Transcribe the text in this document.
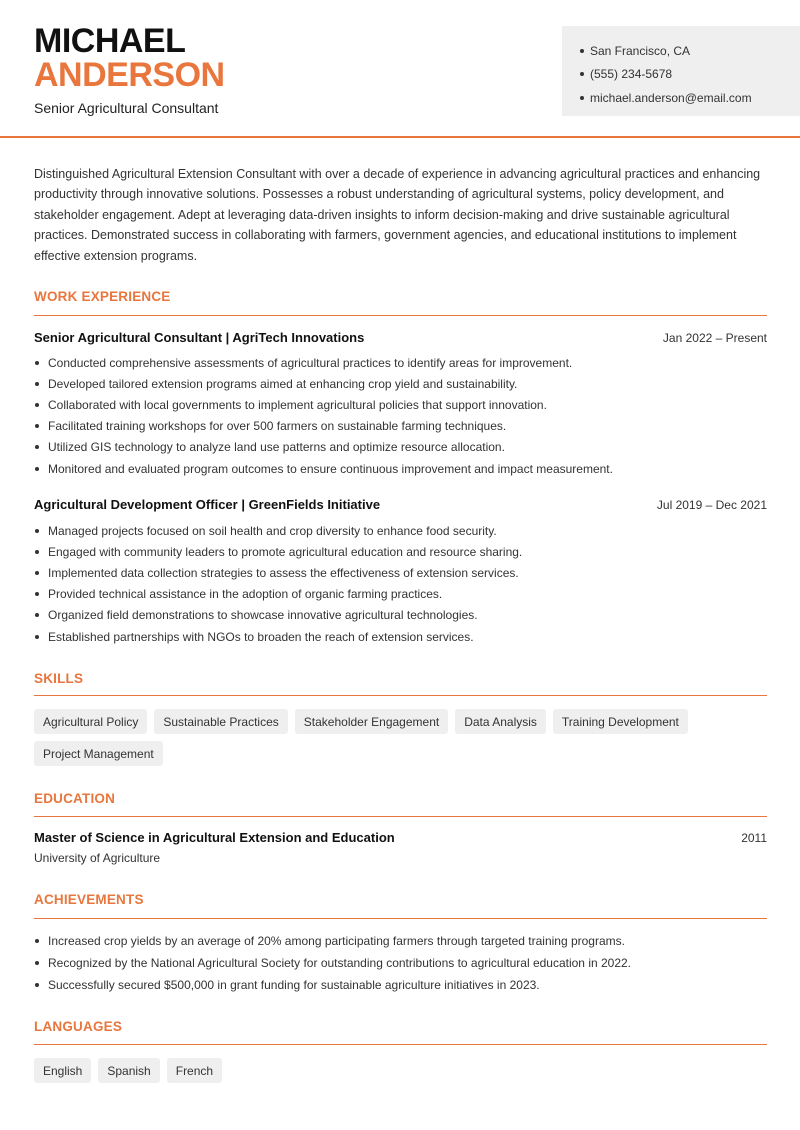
MICHAEL
ANDERSON
Senior Agricultural Consultant
San Francisco, CA
(555) 234-5678
michael.anderson@email.com

Distinguished Agricultural Extension Consultant with over a decade of experience in advancing agricultural practices and enhancing productivity through innovative solutions. Possesses a robust understanding of agricultural systems, policy development, and stakeholder engagement. Adept at leveraging data-driven insights to inform decision-making and drive sustainable agricultural practices. Demonstrated success in collaborating with farmers, government agencies, and educational institutions to implement effective extension programs.

WORK EXPERIENCE
Senior Agricultural Consultant | AgriTech Innovations	Jan 2022 – Present
Conducted comprehensive assessments of agricultural practices to identify areas for improvement.
Developed tailored extension programs aimed at enhancing crop yield and sustainability.
Collaborated with local governments to implement agricultural policies that support innovation.
Facilitated training workshops for over 500 farmers on sustainable farming techniques.
Utilized GIS technology to analyze land use patterns and optimize resource allocation.
Monitored and evaluated program outcomes to ensure continuous improvement and impact measurement.
Agricultural Development Officer | GreenFields Initiative	Jul 2019 – Dec 2021
Managed projects focused on soil health and crop diversity to enhance food security.
Engaged with community leaders to promote agricultural education and resource sharing.
Implemented data collection strategies to assess the effectiveness of extension services.
Provided technical assistance in the adoption of organic farming practices.
Organized field demonstrations to showcase innovative agricultural technologies.
Established partnerships with NGOs to broaden the reach of extension services.
SKILLS
Agricultural Policy	Sustainable Practices	Stakeholder Engagement	Data Analysis	Training Development
Project Management
EDUCATION
Master of Science in Agricultural Extension and Education	2011
University of Agriculture
ACHIEVEMENTS
Increased crop yields by an average of 20% among participating farmers through targeted training programs.
Recognized by the National Agricultural Society for outstanding contributions to agricultural education in 2022.
Successfully secured $500,000 in grant funding for sustainable agriculture initiatives in 2023.
LANGUAGES
English	Spanish	French
